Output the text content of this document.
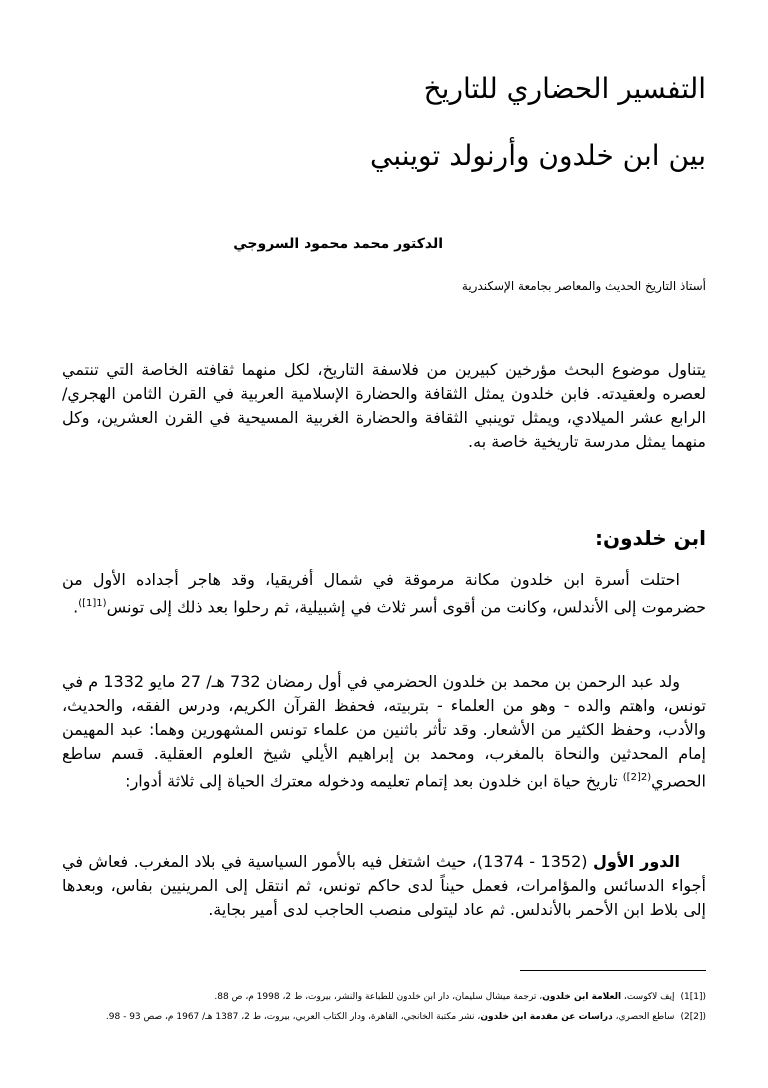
التفسير الحضاري للتاريخ
بين ابن خلدون وأرنولد توينبي
الدكتور محمد محمود السروجي
أستاذ التاريخ الحديث والمعاصر بجامعة الإسكندرية

يتناول موضوع البحث مؤرخين كبيرين من فلاسفة التاريخ، لكل منهما ثقافته الخاصة التي تنتمي لعصره ولعقيدته. فابن خلدون يمثل الثقافة والحضارة الإسلامية العربية في القرن الثامن الهجري/ الرابع عشر الميلادي، ويمثل توينبي الثقافة والحضارة الغربية المسيحية في القرن العشرين، وكل منهما يمثل مدرسة تاريخية خاصة به.

ابن خلدون:

احتلت أسرة ابن خلدون مكانة مرموقة في شمال أفريقيا، وقد هاجر أجداده الأول من حضرموت إلى الأندلس، وكانت من أقوى أسر ثلاث في إشبيلية، ثم رحلوا بعد ذلك إلى تونس$^{(1[1])}$.

ولد عبد الرحمن بن محمد بن خلدون الحضرمي في أول رمضان 732 هـ/ 27 مايو 1332 م في تونس، واهتم والده - وهو من العلماء - بتربيته، فحفظ القرآن الكريم، ودرس الفقه، والحديث، والأدب، وحفظ الكثير من الأشعار. وقد تأثر باثنين من علماء تونس المشهورين وهما: عبد المهيمن إمام المحدثين والنحاة بالمغرب، ومحمد بن إبراهيم الأيلي شيخ العلوم العقلية. قسم ساطع الحصري$^{(2[2])}$ تاريخ حياة ابن خلدون بعد إتمام تعليمه ودخوله معترك الحياة إلى ثلاثة أدوار:

الدور الأول (1352 - 1374)، حيث اشتغل فيه بالأمور السياسية في بلاد المغرب. فعاش في أجواء الدسائس والمؤامرات، فعمل حيناً لدى حاكم تونس، ثم انتقل إلى المرينيين بفاس، وبعدها إلى بلاط ابن الأحمر بالأندلس. ثم عاد ليتولى منصب الحاجب لدى أمير بجاية.

([1]1)إيف لاكوست، العلامة ابن خلدون، ترجمة ميشال سليمان، دار ابن خلدون للطباعة والنشر، بيروت، ط 2، 1998 م، ص 88.
([2]2)ساطع الحصري، دراسات عن مقدمة ابن خلدون، نشر مكتبة الخانجي، القاهرة، ودار الكتاب العربي، بيروت، ط 2، 1387 هـ/ 1967 م، صص 93 - 98.
